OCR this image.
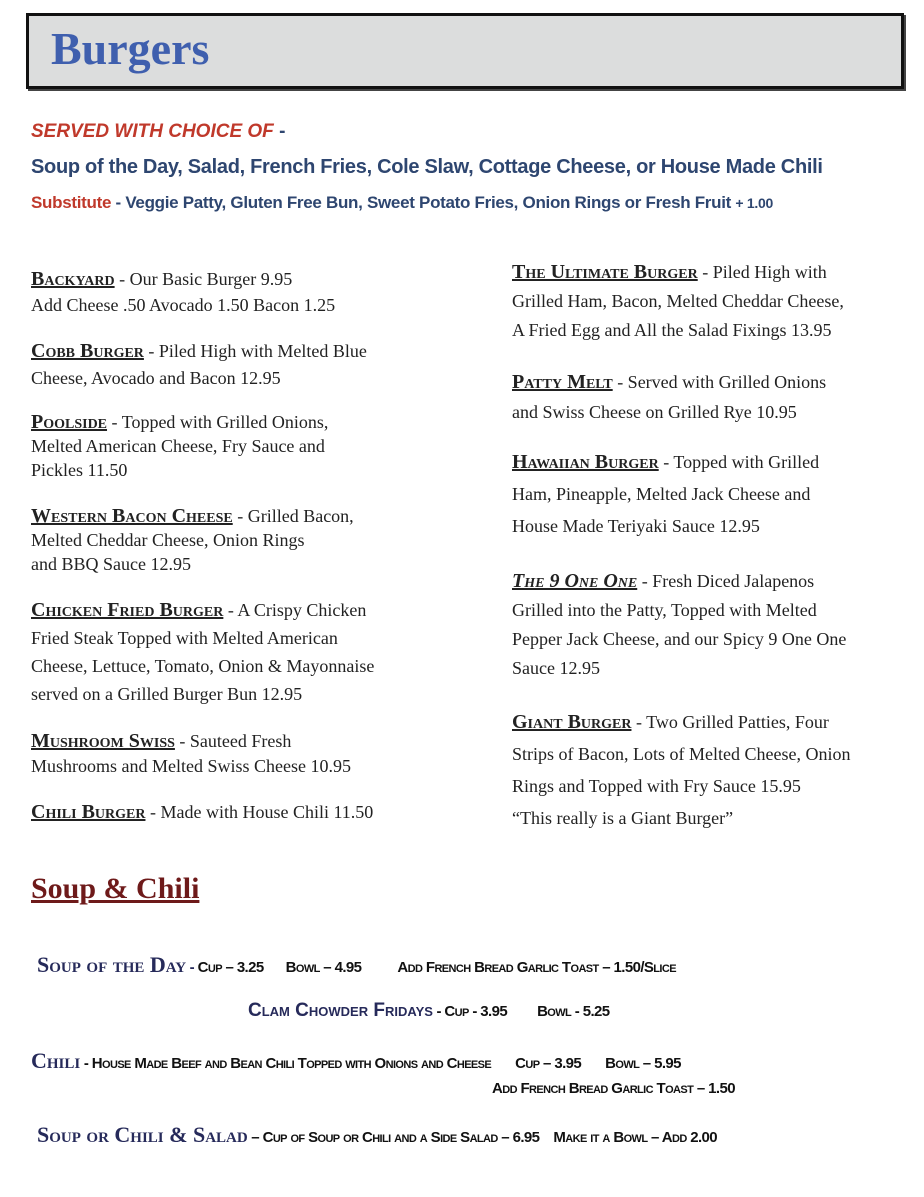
Burgers
SERVED WITH CHOICE OF -
Soup of the Day, Salad, French Fries, Cole Slaw, Cottage Cheese, or House Made Chili
Substitute - Veggie Patty, Gluten Free Bun, Sweet Potato Fries, Onion Rings or Fresh Fruit + 1.00
Backyard - Our Basic Burger 9.95
Add Cheese .50 Avocado 1.50 Bacon 1.25
Cobb Burger - Piled High with Melted Blue
Cheese, Avocado and Bacon 12.95
Poolside - Topped with Grilled Onions,
Melted American Cheese, Fry Sauce and
Pickles 11.50
Western Bacon Cheese - Grilled Bacon,
Melted Cheddar Cheese, Onion Rings
and BBQ Sauce 12.95
Chicken Fried Burger - A Crispy Chicken
Fried Steak Topped with Melted American
Cheese, Lettuce, Tomato, Onion & Mayonnaise
served on a Grilled Burger Bun 12.95
Mushroom Swiss - Sauteed Fresh
Mushrooms and Melted Swiss Cheese 10.95
Chili Burger - Made with House Chili 11.50
The Ultimate Burger - Piled High with
Grilled Ham, Bacon, Melted Cheddar Cheese,
A Fried Egg and All the Salad Fixings 13.95
Patty Melt - Served with Grilled Onions
and Swiss Cheese on Grilled Rye 10.95
Hawaiian Burger - Topped with Grilled
Ham, Pineapple, Melted Jack Cheese and
House Made Teriyaki Sauce 12.95
The 9 One One - Fresh Diced Jalapenos
Grilled into the Patty, Topped with Melted
Pepper Jack Cheese, and our Spicy 9 One One
Sauce 12.95
Giant Burger - Two Grilled Patties, Four
Strips of Bacon, Lots of Melted Cheese, Onion
Rings and Topped with Fry Sauce 15.95
“This really is a Giant Burger”
Soup & Chili
Soup of the Day - Cup – 3.25 Bowl – 4.95 Add French Bread Garlic Toast – 1.50/Slice
Clam Chowder Fridays - Cup - 3.95 Bowl - 5.25
Chili - House Made Beef and Bean Chili Topped with Onions and Cheese Cup – 3.95 Bowl – 5.95
Add French Bread Garlic Toast – 1.50
Soup or Chili & Salad – Cup of Soup or Chili and a Side Salad – 6.95 Make it a Bowl – Add 2.00
